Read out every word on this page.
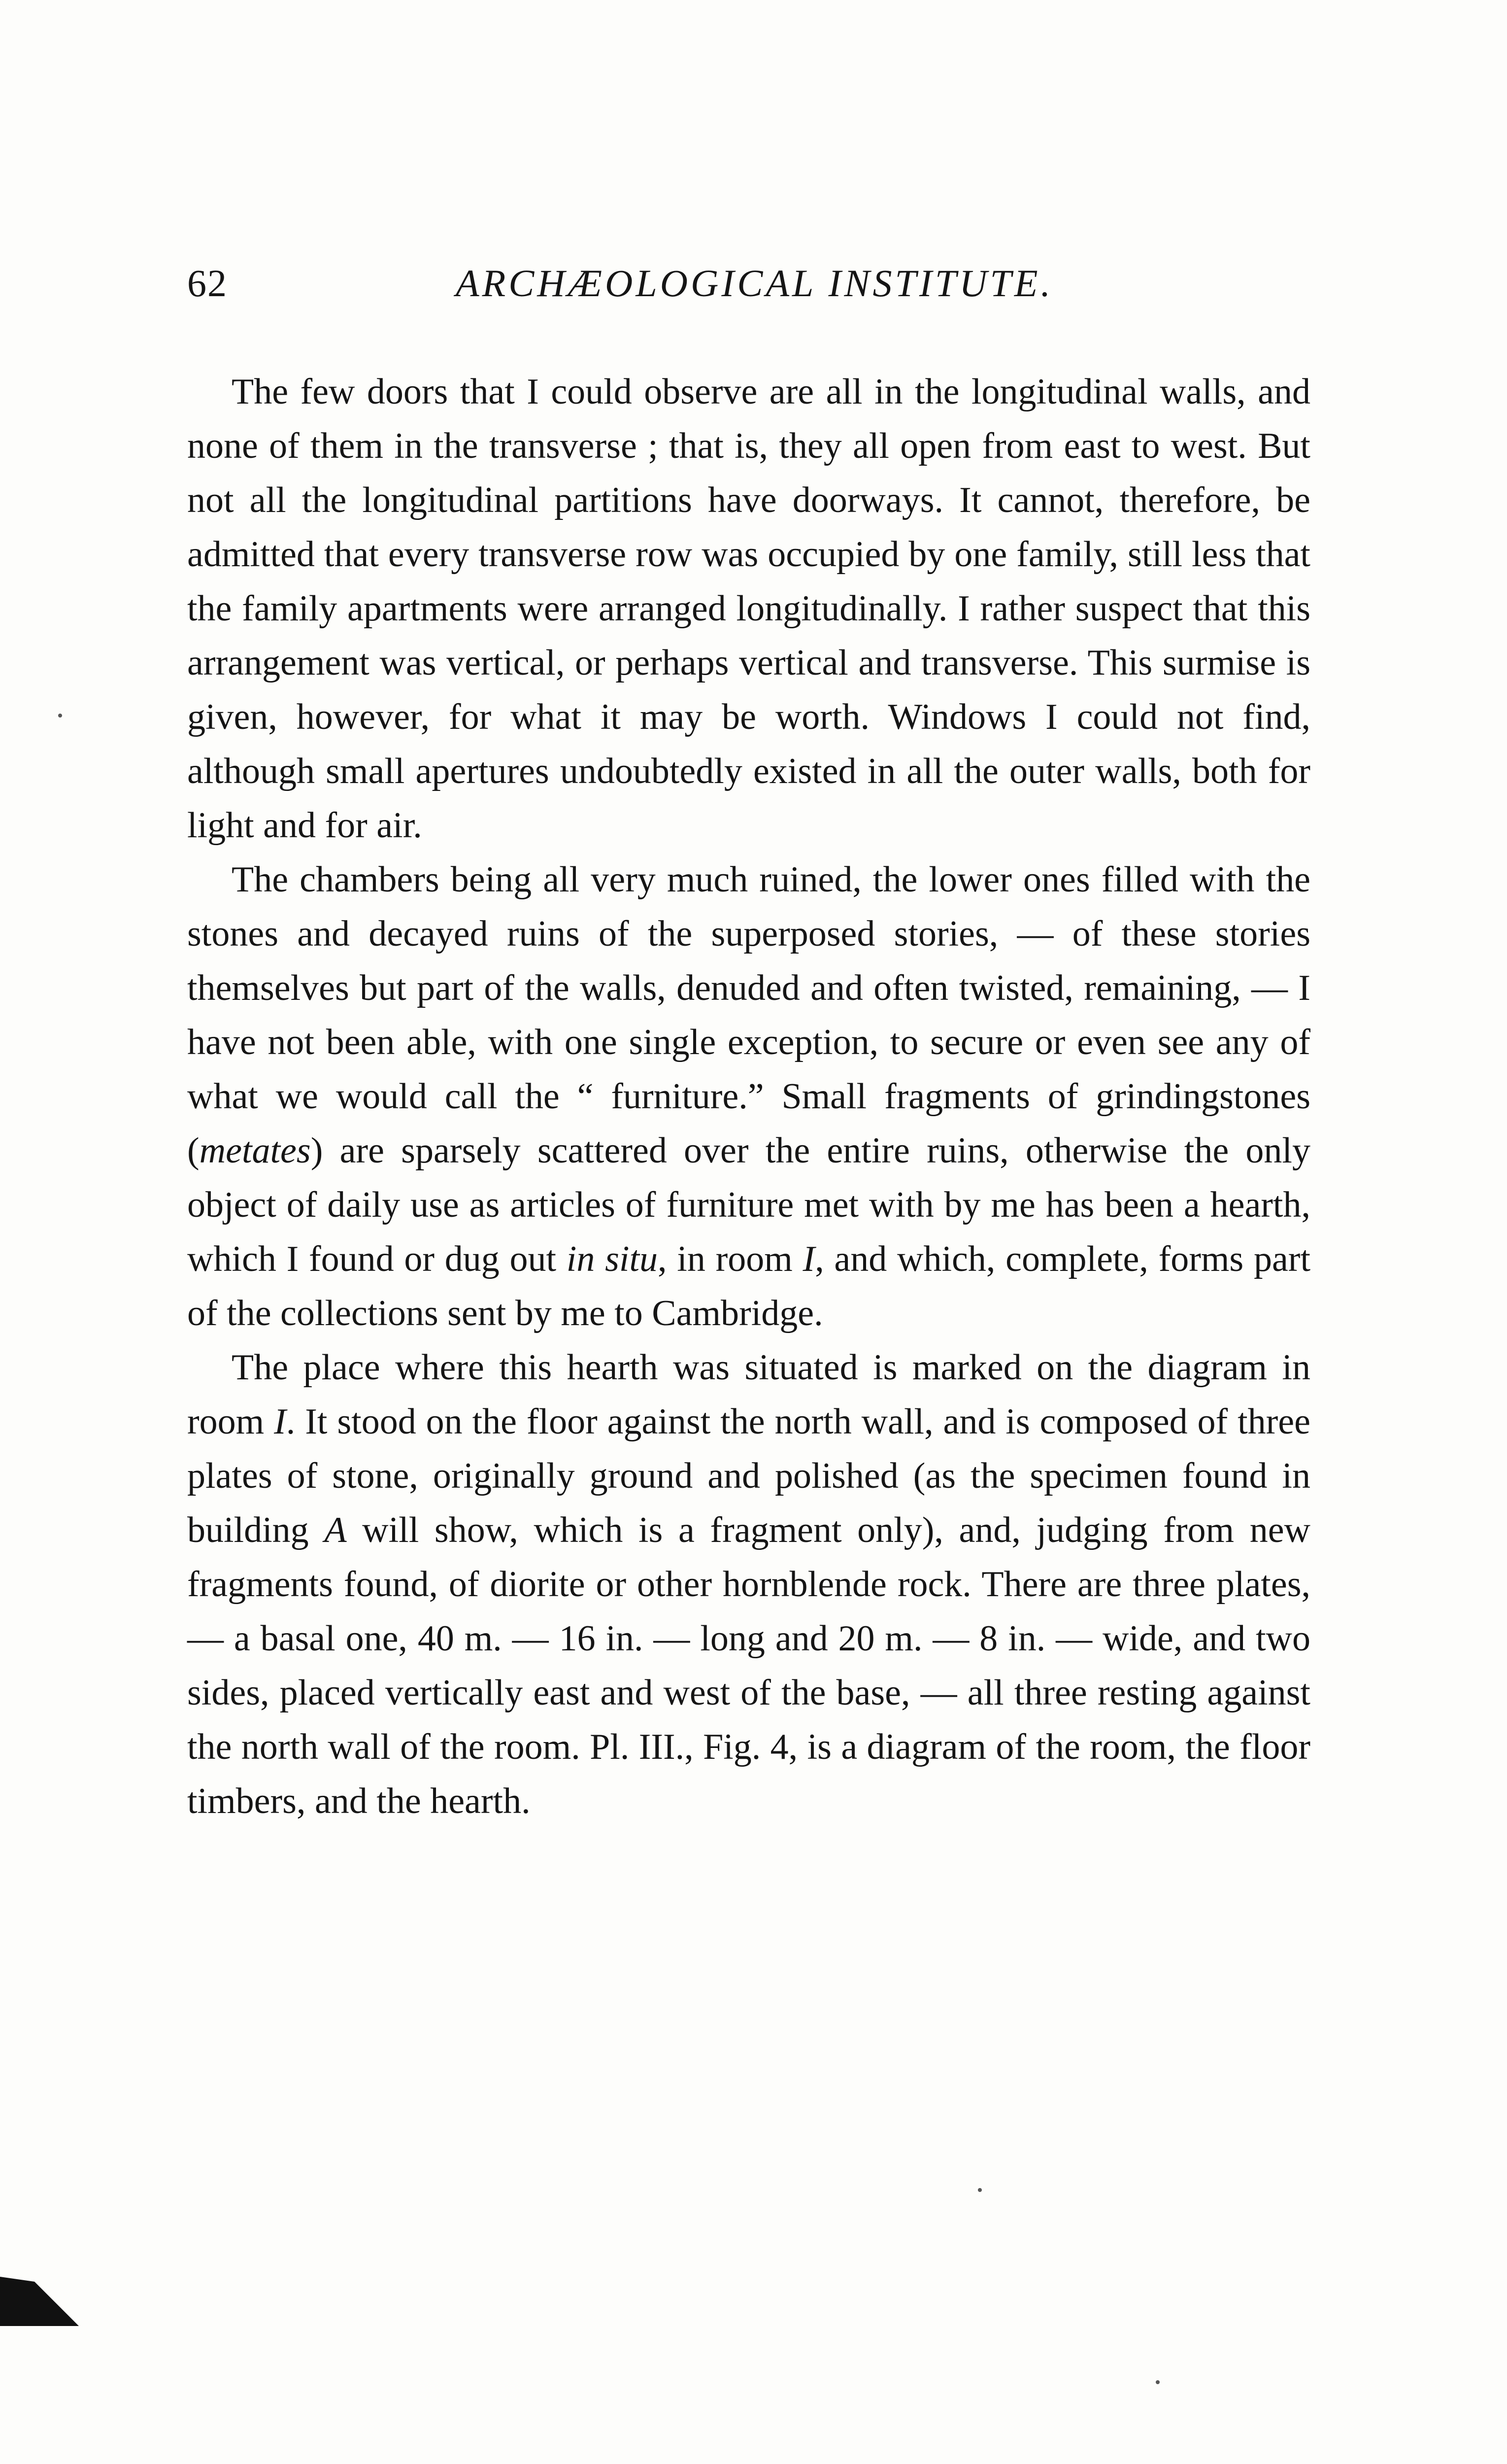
62	ARCHÆOLOGICAL INSTITUTE.

The few doors that I could observe are all in the longitudinal walls, and none of them in the transverse ; that is, they all open from east to west. But not all the longitudinal partitions have doorways. It cannot, therefore, be admitted that every transverse row was occupied by one family, still less that the family apartments were arranged longitudinally. I rather suspect that this arrangement was vertical, or perhaps vertical and transverse. This surmise is given, however, for what it may be worth. Windows I could not find, although small apertures undoubtedly existed in all the outer walls, both for light and for air.

The chambers being all very much ruined, the lower ones filled with the stones and decayed ruins of the superposed stories, — of these stories themselves but part of the walls, denuded and often twisted, remaining, — I have not been able, with one single exception, to secure or even see any of what we would call the “ furniture.” Small fragments of grindingstones (metates) are sparsely scattered over the entire ruins, otherwise the only object of daily use as articles of furniture met with by me has been a hearth, which I found or dug out in situ, in room I, and which, complete, forms part of the collections sent by me to Cambridge.

The place where this hearth was situated is marked on the diagram in room I. It stood on the floor against the north wall, and is composed of three plates of stone, originally ground and polished (as the specimen found in building A will show, which is a fragment only), and, judging from new fragments found, of diorite or other hornblende rock. There are three plates, — a basal one, 40 m. — 16 in. — long and 20 m. — 8 in. — wide, and two sides, placed vertically east and west of the base, — all three resting against the north wall of the room. Pl. III., Fig. 4, is a diagram of the room, the floor timbers, and the hearth.
